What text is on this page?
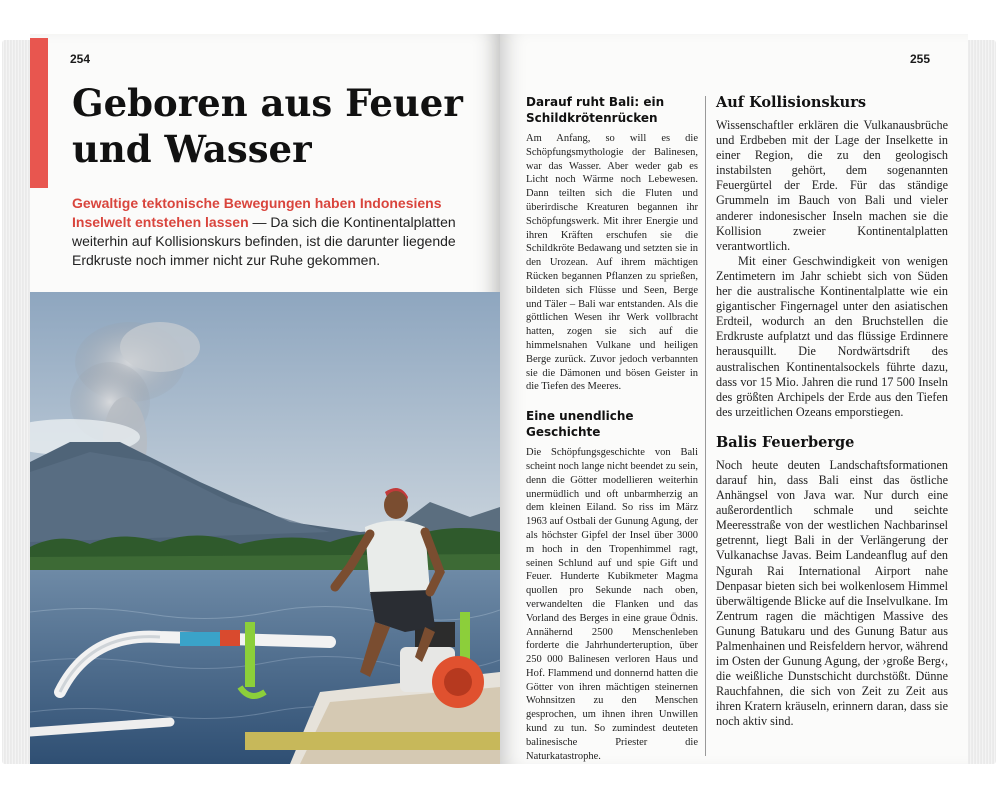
254
Geboren aus Feuer und Wasser

Gewaltige tektonische Bewegungen haben Indonesiens Inselwelt entstehen lassen — Da sich die Kontinentalplatten weiterhin auf Kollisionskurs befinden, ist die darunter liegende Erdkruste noch immer nicht zur Ruhe gekommen.

255
Darauf ruht Bali: ein Schildkrötenrücken

Am Anfang, so will es die Schöpfungsmythologie der Balinesen, war das Wasser. Aber weder gab es Licht noch Wärme noch Lebewesen. Dann teilten sich die Fluten und überirdische Kreaturen begannen ihr Schöpfungswerk. Mit ihrer Energie und ihren Kräften erschufen sie die Schildkröte Bedawang und setzten sie in den Urozean. Auf ihrem mächtigen Rücken begannen Pflanzen zu sprießen, bildeten sich Flüsse und Seen, Berge und Täler – Bali war entstanden. Als die göttlichen Wesen ihr Werk vollbracht hatten, zogen sie sich auf die himmelsnahen Vulkane und heiligen Berge zurück. Zuvor jedoch verbannten sie die Dämonen und bösen Geister in die Tiefen des Meeres.

Eine unendliche Geschichte

Die Schöpfungsgeschichte von Bali scheint noch lange nicht beendet zu sein, denn die Götter modellieren weiterhin unermüdlich und oft unbarmherzig an dem kleinen Eiland. So riss im März 1963 auf Ostbali der Gunung Agung, der als höchster Gipfel der Insel über 3000 m hoch in den Tropenhimmel ragt, seinen Schlund auf und spie Gift und Feuer. Hunderte Kubikmeter Magma quollen pro Sekunde nach oben, verwandelten die Flanken und das Vorland des Berges in eine graue Ödnis. Annähernd 2500 Menschenleben forderte die Jahrhunderteruption, über 250 000 Balinesen verloren Haus und Hof. Flammend und donnernd hatten die Götter von ihren mächtigen steinernen Wohnsitzen zu den Menschen gesprochen, um ihnen ihren Unwillen kund zu tun. So zumindest deuteten balinesische Priester die Naturkatastrophe.

Auf Kollisionskurs

Wissenschaftler erklären die Vulkanausbrüche und Erdbeben mit der Lage der Inselkette in einer Region, die zu den geologisch instabilsten gehört, dem sogenannten Feuergürtel der Erde. Für das ständige Grummeln im Bauch von Bali und vieler anderer indonesischer Inseln machen sie die Kollision zweier Kontinentalplatten verantwortlich.

Mit einer Geschwindigkeit von wenigen Zentimetern im Jahr schiebt sich von Süden her die australische Kontinentalplatte wie ein gigantischer Fingernagel unter den asiatischen Erdteil, wodurch an den Bruchstellen die Erdkruste aufplatzt und das flüssige Erdinnere herausquillt. Die Nordwärtsdrift des australischen Kontinentalsockels führte dazu, dass vor 15 Mio. Jahren die rund 17 500 Inseln des größten Archipels der Erde aus den Tiefen des urzeitlichen Ozeans emporstiegen.

Balis Feuerberge

Noch heute deuten Landschaftsformationen darauf hin, dass Bali einst das östliche Anhängsel von Java war. Nur durch eine außerordentlich schmale und seichte Meeresstraße von der westlichen Nachbarinsel getrennt, liegt Bali in der Verlängerung der Vulkanachse Javas. Beim Landeanflug auf den Ngurah Rai International Airport nahe Denpasar bieten sich bei wolkenlosem Himmel überwältigende Blicke auf die Inselvulkane. Im Zentrum ragen die mächtigen Massive des Gunung Batukaru und des Gunung Batur aus Palmenhainen und Reisfeldern hervor, während im Osten der Gunung Agung, der ›große Berg‹, die weißliche Dunstschicht durchstößt. Dünne Rauchfahnen, die sich von Zeit zu Zeit aus ihren Kratern kräuseln, erinnern daran, dass sie noch aktiv sind.
